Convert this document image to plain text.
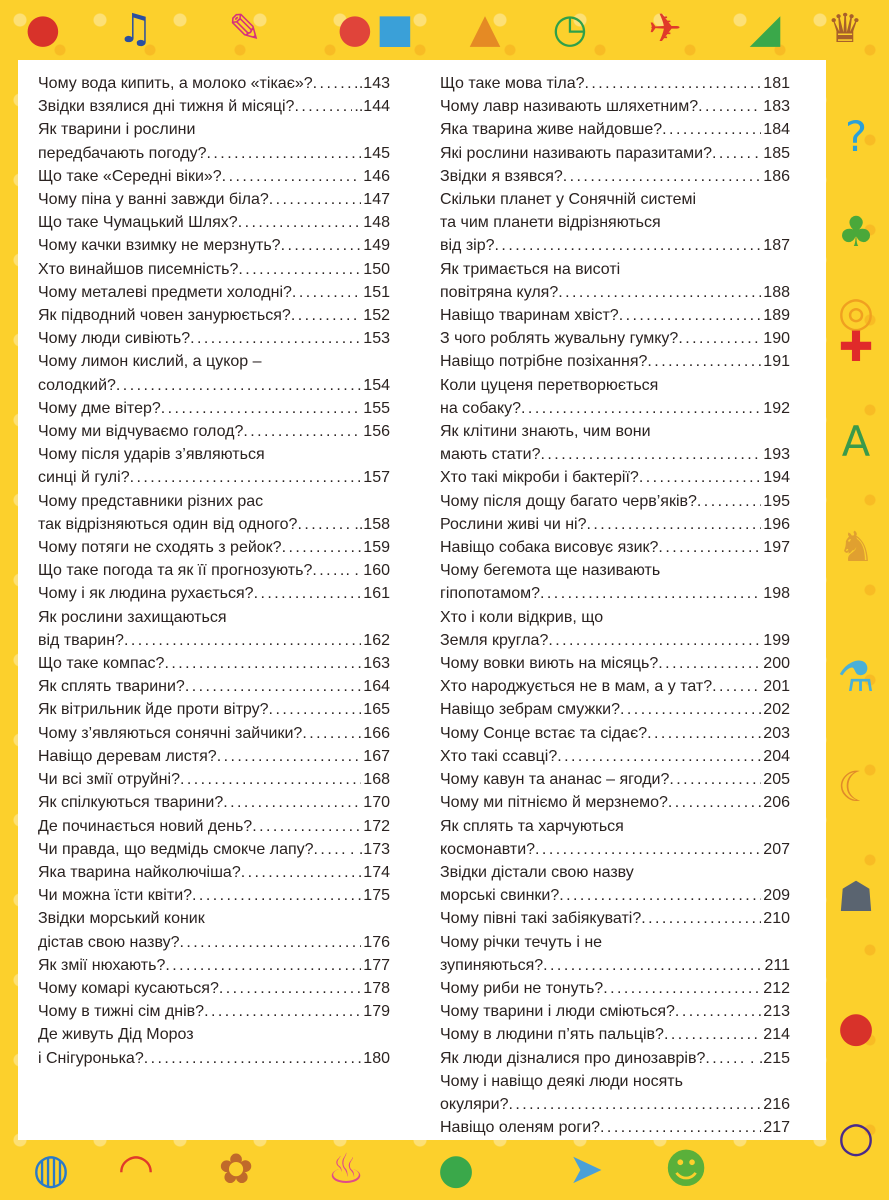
Чому вода кипить, а молоко «тікає»? . . .	.143
Звідки взялися дні тижня й місяці? . . .	..144
Як тварини і рослини
передбачають погоду? . . .	145
Що таке «Середні віки»? . . .	146
Чому піна у ванні завжди біла? . . .	147
Що таке Чумацький Шлях? . . .	148
Чому качки взимку не мерзнуть? . . .	149
Хто винайшов писемність? . . .	150
Чому металеві предмети холодні? . . .	151
Як підводний човен занурюється? . . .	152
Чому люди сивіють? . . .	153
Чому лимон кислий, а цукор –
солодкий? . . .	154
Чому дме вітер? . . .	155
Чому ми відчуваємо голод? . . .	156
Чому після ударів з’являються
синці й гулі? . . .	157
Чому представники різних рас
так відрізняються один від одного? . . .	..158
Чому потяги не сходять з рейок? . . .	159
Що таке погода та як її прогнозують? . . . . . 160
Чому і як людина рухається? . . .	161
Як рослини захищаються
від тварин? . . .	162
Що таке компас? . . .	163
Як сплять тварини? . . .	164
Як вітрильник йде проти вітру? . . .	165
Чому з’являються сонячні зайчики? . . .	166
Навіщо деревам листя? . . .	167
Чи всі змії отруйні? . . .	168
Як спілкуються тварини? . . .	170
Де починається новий день? . . .	172
Чи правда, що ведмідь смокче лапу? . . . . .173
Яка тварина найколючіша? . . .	174
Чи можна їсти квіти? . . .	175
Звідки морський коник
дістав свою назву? . . .	176
Як змії нюхають? . . .	177
Чому комарі кусаються? . . .	178
Чому в тижні сім днів? . . .	179
Де живуть Дід Мороз
і Снігуронька? . . .	180
Що таке мова тіла? . . .	181
Чому лавр називають шляхетним? . . .	183
Яка тварина живе найдовше? . . .	184
Які рослини називають паразитами? . . .	. 185
Звідки я взявся? . . .	186
Скільки планет у Сонячній системі
та чим планети відрізняються
від зір? . . .	187
Як тримається на висоті
повітряна куля? . . .	188
Навіщо тваринам хвіст? . . .	189
З чого роблять жувальну гумку? . . .	190
Навіщо потрібне позіхання? . . .	191
Коли цуценя перетворюється
на собаку? . . .	192
Як клітини знають, чим вони
мають стати? . . .	193
Хто такі мікроби і бактерії? . . .	194
Чому після дощу багато черв’яків? . . .	195
Рослини живі чи ні? . . .	196
Навіщо собака висовує язик? . . .	197
Чому бегемота ще називають
гіпопотамом? . . .	198
Хто і коли відкрив, що
Земля кругла? . . .	199
Чому вовки виють на місяць? . . .	200
Хто народжується не в мам, а у тат? . . .	201
Навіщо зебрам смужки? . . .	202
Чому Сонце встає та сідає? . . .	203
Хто такі ссавці? . . .	204
Чому кавун та ананас – ягоди? . . .	205
Чому ми пітніємо й мерзнемо? . . .	206
Як сплять та харчуються
космонавти? . . .	207
Звідки дістали свою назву
морські свинки? . . .	209
Чому півні такі забіякуваті? . . .	210
Чому річки течуть і не
зупиняються? . . .	211
Чому риби не тонуть? . . .	212
Чому тварини і люди сміються? . . .	213
Чому в людини п’ять пальців? . . .	214
Як люди дізналися про динозаврів? . . .	. .215
Чому і навіщо деякі люди носять
окуляри? . . .	216
Навіщо оленям роги? . . .	217
● ♫ ✎ ● ■ ▲ ◷ ✈ ◢ ♛
?
♣
◎
✚
A
♞
⚗
☾
☗
●
○
◍ ◠ ✿ ♨ ● ➤ ☻
